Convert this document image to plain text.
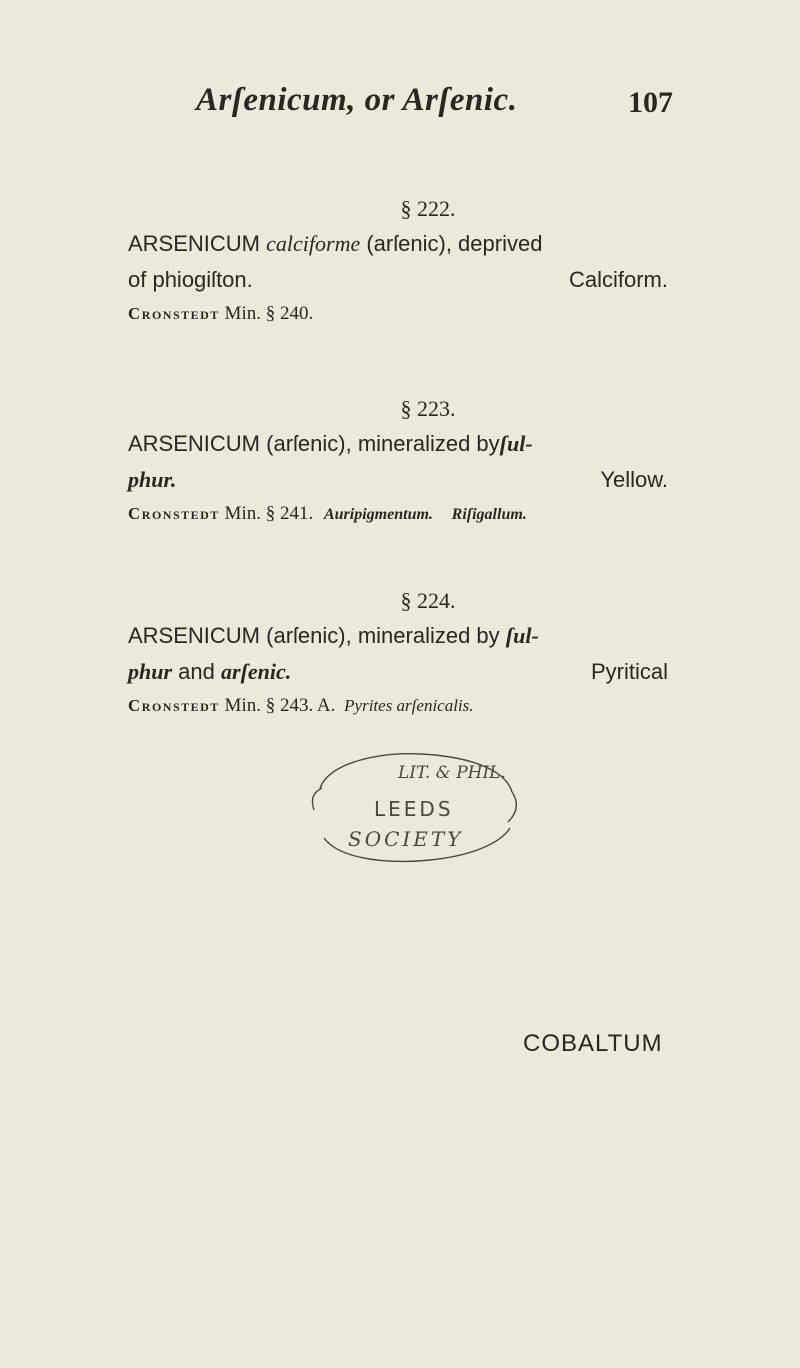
Arſenicum, or Arſenic.	107
§ 222.
ARSENICUM calciforme (arſenic), deprived
of phiogiſton.	Calciform.
Cronstedt Min. § 240.
§ 223.
ARSENICUM (arſenic), mineralized byſul-
phur.	Yellow.
Cronstedt Min. § 241. Auripigmentum. Riſigallum.
§ 224.
ARSENICUM (arſenic), mineralized by ſul-
phur and arſenic.	Pyritical
Cronstedt Min. § 243. A. Pyrites arſenicalis.
LIT. & PHIL.
LEEDS
SOCIETY
COBALTUM
